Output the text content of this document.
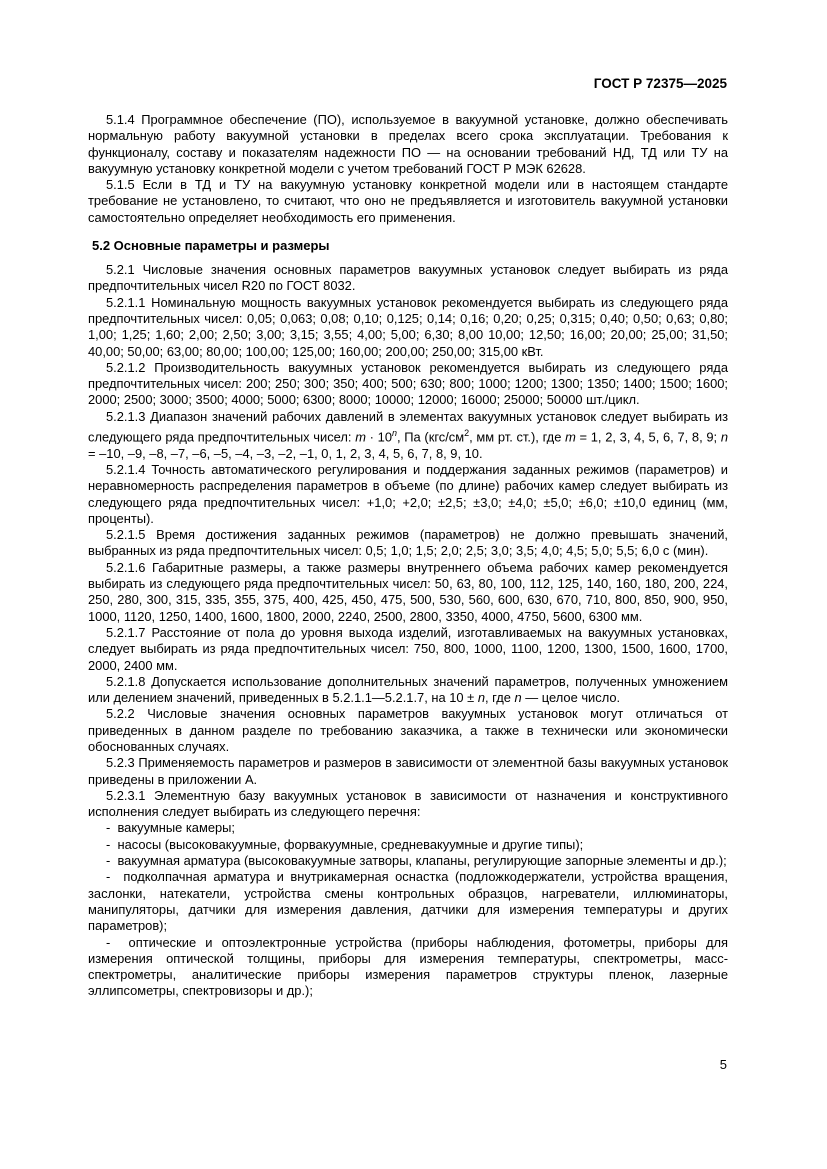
ГОСТ Р 72375—2025

5.1.4 Программное обеспечение (ПО), используемое в вакуумной установке, должно обеспечивать нормальную работу вакуумной установки в пределах всего срока эксплуатации. Требования к функционалу, составу и показателям надежности ПО — на основании требований НД, ТД или ТУ на вакуумную установку конкретной модели с учетом требований ГОСТ Р МЭК 62628.

5.1.5 Если в ТД и ТУ на вакуумную установку конкретной модели или в настоящем стандарте требование не установлено, то считают, что оно не предъявляется и изготовитель вакуумной установки самостоятельно определяет необходимость его применения.

5.2 Основные параметры и размеры

5.2.1 Числовые значения основных параметров вакуумных установок следует выбирать из ряда предпочтительных чисел R20 по ГОСТ 8032.

5.2.1.1 Номинальную мощность вакуумных установок рекомендуется выбирать из следующего ряда предпочтительных чисел: 0,05; 0,063; 0,08; 0,10; 0,125; 0,14; 0,16; 0,20; 0,25; 0,315; 0,40; 0,50; 0,63; 0,80; 1,00; 1,25; 1,60; 2,00; 2,50; 3,00; 3,15; 3,55; 4,00; 5,00; 6,30; 8,00 10,00; 12,50; 16,00; 20,00; 25,00; 31,50; 40,00; 50,00; 63,00; 80,00; 100,00; 125,00; 160,00; 200,00; 250,00; 315,00 кВт.

5.2.1.2 Производительность вакуумных установок рекомендуется выбирать из следующего ряда предпочтительных чисел: 200; 250; 300; 350; 400; 500; 630; 800; 1000; 1200; 1300; 1350; 1400; 1500; 1600; 2000; 2500; 3000; 3500; 4000; 5000; 6300; 8000; 10000; 12000; 16000; 25000; 50000 шт./цикл.

5.2.1.3 Диапазон значений рабочих давлений в элементах вакуумных установок следует выбирать из следующего ряда предпочтительных чисел: $m \cdot 10^n$, Па ($кгс/см^2$, мм рт. ст.), где m = 1, 2, 3, 4, 5, 6, 7, 8, 9; n = –10, –9, –8, –7, –6, –5, –4, –3, –2, –1, 0, 1, 2, 3, 4, 5, 6, 7, 8, 9, 10.

5.2.1.4 Точность автоматического регулирования и поддержания заданных режимов (параметров) и неравномерность распределения параметров в объеме (по длине) рабочих камер следует выбирать из следующего ряда предпочтительных чисел: +1,0; +2,0; ±2,5; ±3,0; ±4,0; ±5,0; ±6,0; ±10,0 единиц (мм, проценты).

5.2.1.5 Время достижения заданных режимов (параметров) не должно превышать значений, выбранных из ряда предпочтительных чисел: 0,5; 1,0; 1,5; 2,0; 2,5; 3,0; 3,5; 4,0; 4,5; 5,0; 5,5; 6,0 с (мин).

5.2.1.6 Габаритные размеры, а также размеры внутреннего объема рабочих камер рекомендуется выбирать из следующего ряда предпочтительных чисел: 50, 63, 80, 100, 112, 125, 140, 160, 180, 200, 224, 250, 280, 300, 315, 335, 355, 375, 400, 425, 450, 475, 500, 530, 560, 600, 630, 670, 710, 800, 850, 900, 950, 1000, 1120, 1250, 1400, 1600, 1800, 2000, 2240, 2500, 2800, 3350, 4000, 4750, 5600, 6300 мм.

5.2.1.7 Расстояние от пола до уровня выхода изделий, изготавливаемых на вакуумных установках, следует выбирать из ряда предпочтительных чисел: 750, 800, 1000, 1100, 1200, 1300, 1500, 1600, 1700, 2000, 2400 мм.

5.2.1.8 Допускается использование дополнительных значений параметров, полученных умножением или делением значений, приведенных в 5.2.1.1—5.2.1.7, на 10 ± n, где n — целое число.

5.2.2 Числовые значения основных параметров вакуумных установок могут отличаться от приведенных в данном разделе по требованию заказчика, а также в технически или экономически обоснованных случаях.

5.2.3 Применяемость параметров и размеров в зависимости от элементной базы вакуумных установок приведены в приложении А.

5.2.3.1 Элементную базу вакуумных установок в зависимости от назначения и конструктивного исполнения следует выбирать из следующего перечня:

-  вакуумные камеры;
-  насосы (высоковакуумные, форвакуумные, средневакуумные и другие типы);
-  вакуумная арматура (высоковакуумные затворы, клапаны, регулирующие запорные элементы и др.);
-  подколпачная арматура и внутрикамерная оснастка (подложкодержатели, устройства вращения, заслонки, натекатели, устройства смены контрольных образцов, нагреватели, иллюминаторы, манипуляторы, датчики для измерения давления, датчики для измерения температуры и других параметров);
-  оптические и оптоэлектронные устройства (приборы наблюдения, фотометры, приборы для измерения оптической толщины, приборы для измерения температуры, спектрометры, масс-спектрометры, аналитические приборы измерения параметров структуры пленок, лазерные эллипсометры, спектровизоры и др.);
5
